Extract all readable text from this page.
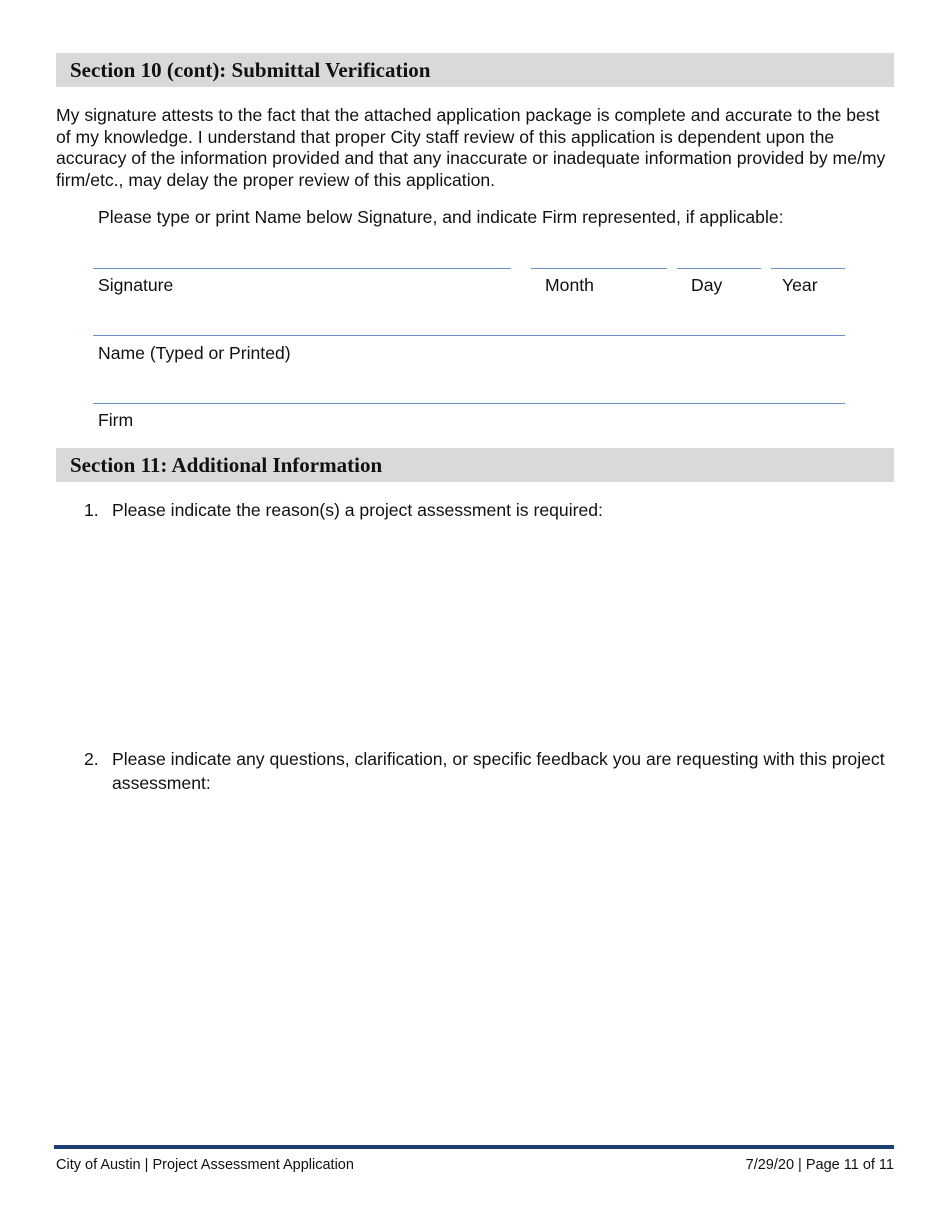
Section 10 (cont): Submittal Verification
My signature attests to the fact that the attached application package is complete and accurate to the best of my knowledge. I understand that proper City staff review of this application is dependent upon the accuracy of the information provided and that any inaccurate or inadequate information provided by me/my firm/etc., may delay the proper review of this application.
Please type or print Name below Signature, and indicate Firm represented, if applicable:
Signature	Month	Day	Year
Name (Typed or Printed)
Firm
Section 11: Additional Information
1. Please indicate the reason(s) a project assessment is required:
2. Please indicate any questions, clarification, or specific feedback you are requesting with this project assessment:
City of Austin | Project Assessment Application	7/29/20 | Page 11 of 11
